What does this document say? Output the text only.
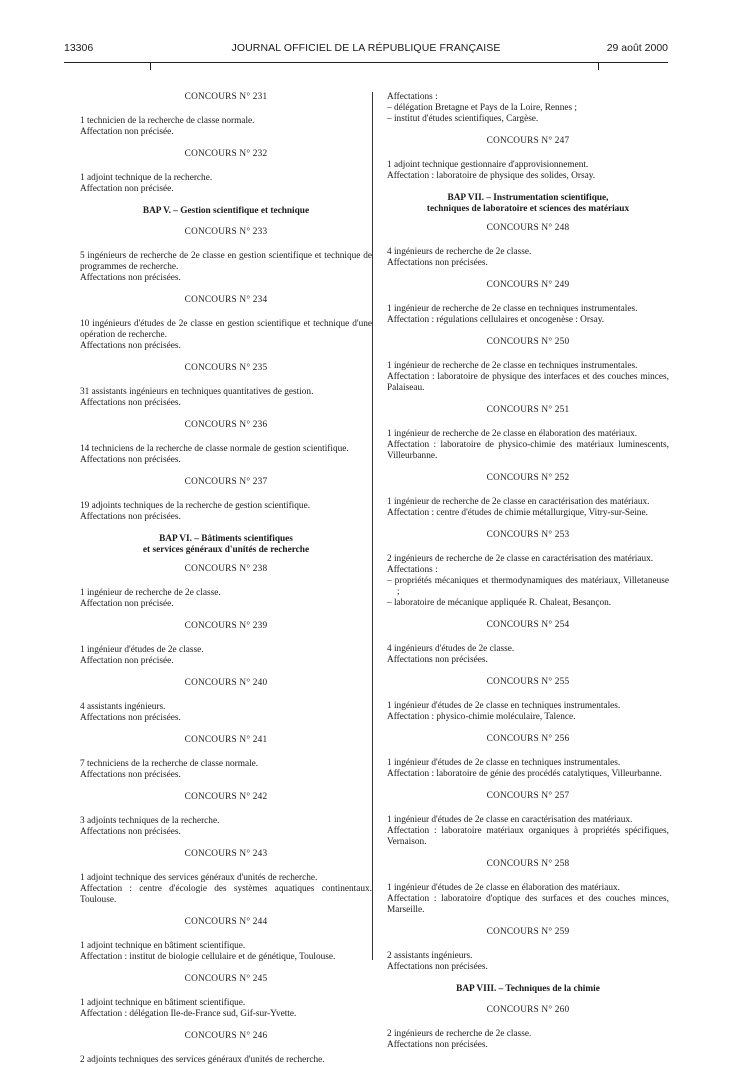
13306	JOURNAL OFFICIEL DE LA RÉPUBLIQUE FRANÇAISE	29 août 2000
CONCOURS N° 231
1 technicien de la recherche de classe normale.
Affectation non précisée.
CONCOURS N° 232
1 adjoint technique de la recherche.
Affectation non précisée.
BAP V. – Gestion scientifique et technique
CONCOURS N° 233
5 ingénieurs de recherche de 2e classe en gestion scientifique et technique de programmes de recherche.
Affectations non précisées.
CONCOURS N° 234
10 ingénieurs d'études de 2e classe en gestion scientifique et technique d'une opération de recherche.
Affectations non précisées.
CONCOURS N° 235
31 assistants ingénieurs en techniques quantitatives de gestion.
Affectations non précisées.
CONCOURS N° 236
14 techniciens de la recherche de classe normale de gestion scientifique.
Affectations non précisées.
CONCOURS N° 237
19 adjoints techniques de la recherche de gestion scientifique.
Affectations non précisées.
BAP VI. – Bâtiments scientifiques
et services généraux d'unités de recherche
CONCOURS N° 238
1 ingénieur de recherche de 2e classe.
Affectation non précisée.
CONCOURS N° 239
1 ingénieur d'études de 2e classe.
Affectation non précisée.
CONCOURS N° 240
4 assistants ingénieurs.
Affectations non précisées.
CONCOURS N° 241
7 techniciens de la recherche de classe normale.
Affectations non précisées.
CONCOURS N° 242
3 adjoints techniques de la recherche.
Affectations non précisées.
CONCOURS N° 243
1 adjoint technique des services généraux d'unités de recherche.
Affectation : centre d'écologie des systèmes aquatiques continentaux. Toulouse.
CONCOURS N° 244
1 adjoint technique en bâtiment scientifique.
Affectation : institut de biologie cellulaire et de génétique, Toulouse.
CONCOURS N° 245
1 adjoint technique en bâtiment scientifique.
Affectation : délégation Ile-de-France sud, Gif-sur-Yvette.
CONCOURS N° 246
2 adjoints techniques des services généraux d'unités de recherche.
Affectations :
– délégation Bretagne et Pays de la Loire, Rennes ;
– institut d'études scientifiques, Cargèse.
CONCOURS N° 247
1 adjoint technique gestionnaire d'approvisionnement.
Affectation : laboratoire de physique des solides, Orsay.
BAP VII. – Instrumentation scientifique,
techniques de laboratoire et sciences des matériaux
CONCOURS N° 248
4 ingénieurs de recherche de 2e classe.
Affectations non précisées.
CONCOURS N° 249
1 ingénieur de recherche de 2e classe en techniques instrumentales.
Affectation : régulations cellulaires et oncogenèse : Orsay.
CONCOURS N° 250
1 ingénieur de recherche de 2e classe en techniques instrumentales.
Affectation : laboratoire de physique des interfaces et des couches minces, Palaiseau.
CONCOURS N° 251
1 ingénieur de recherche de 2e classe en élaboration des matériaux.
Affectation : laboratoire de physico-chimie des matériaux luminescents, Villeurbanne.
CONCOURS N° 252
1 ingénieur de recherche de 2e classe en caractérisation des matériaux.
Affectation : centre d'études de chimie métallurgique, Vitry-sur-Seine.
CONCOURS N° 253
2 ingénieurs de recherche de 2e classe en caractérisation des matériaux.
Affectations :
– propriétés mécaniques et thermodynamiques des matériaux, Villetaneuse ;
– laboratoire de mécanique appliquée R. Chaleat, Besançon.
CONCOURS N° 254
4 ingénieurs d'études de 2e classe.
Affectations non précisées.
CONCOURS N° 255
1 ingénieur d'études de 2e classe en techniques instrumentales.
Affectation : physico-chimie moléculaire, Talence.
CONCOURS N° 256
1 ingénieur d'études de 2e classe en techniques instrumentales.
Affectation : laboratoire de génie des procédés catalytiques, Villeurbanne.
CONCOURS N° 257
1 ingénieur d'études de 2e classe en caractérisation des matériaux.
Affectation : laboratoire matériaux organiques à propriétés spécifiques, Vernaison.
CONCOURS N° 258
1 ingénieur d'études de 2e classe en élaboration des matériaux.
Affectation : laboratoire d'optique des surfaces et des couches minces, Marseille.
CONCOURS N° 259
2 assistants ingénieurs.
Affectations non précisées.
BAP VIII. – Techniques de la chimie
CONCOURS N° 260
2 ingénieurs de recherche de 2e classe.
Affectations non précisées.
